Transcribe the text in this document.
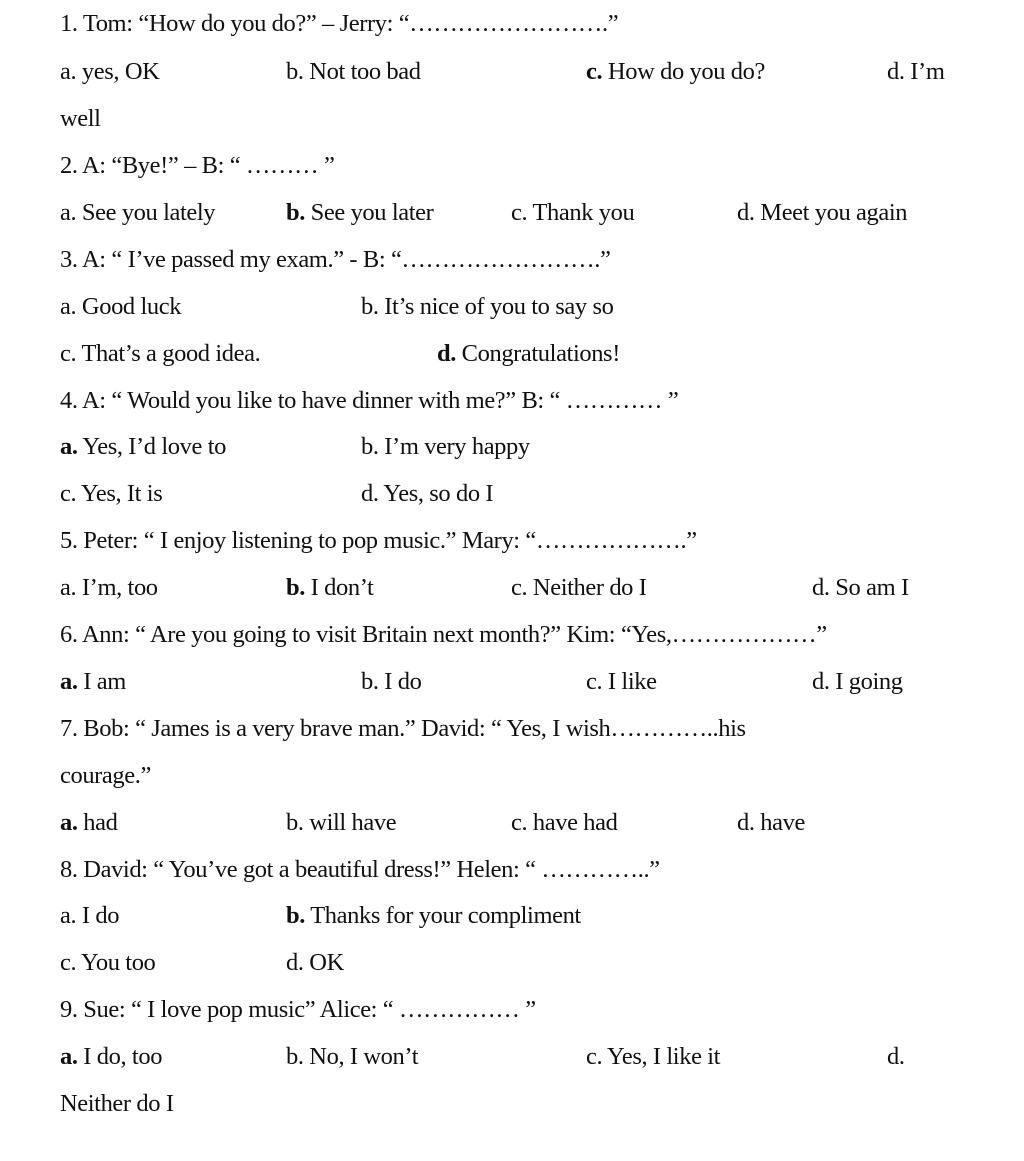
1. Tom: “How do you do?” – Jerry: “…………………….”
a. yes, OK	b. Not too bad	c. How do you do?	d. I’m
well
2. A: “Bye!” – B: “ ……… ”
a. See you lately	b. See you later	c. Thank you	d. Meet you again
3. A: “ I’ve passed my exam.” - B: “…………………….”
a. Good luck	b. It’s nice of you to say so
c. That’s a good idea.	d. Congratulations!
4. A: “ Would you like to have dinner with me?” B: “ ………… ”
a. Yes, I’d love to	b. I’m very happy
c. Yes, It is	d. Yes, so do I
5. Peter: “ I enjoy listening to pop music.” Mary: “……………….”
a. I’m, too	b. I don’t	c. Neither do I	d. So am I
6. Ann: “ Are you going to visit Britain next month?” Kim: “Yes,………………”
a. I am	b. I do	c. I like	d. I going
7. Bob: “ James is a very brave man.” David: “ Yes, I wish…………..his
courage.”
a. had	b. will have	c. have had	d. have
8. David: “ You’ve got a beautiful dress!” Helen: “ …………..”
a. I do	b. Thanks for your compliment
c. You too	d. OK
9. Sue: “ I love pop music” Alice: “ …………… ”
a. I do, too	b. No, I won’t	c. Yes, I like it	d.
Neither do I
